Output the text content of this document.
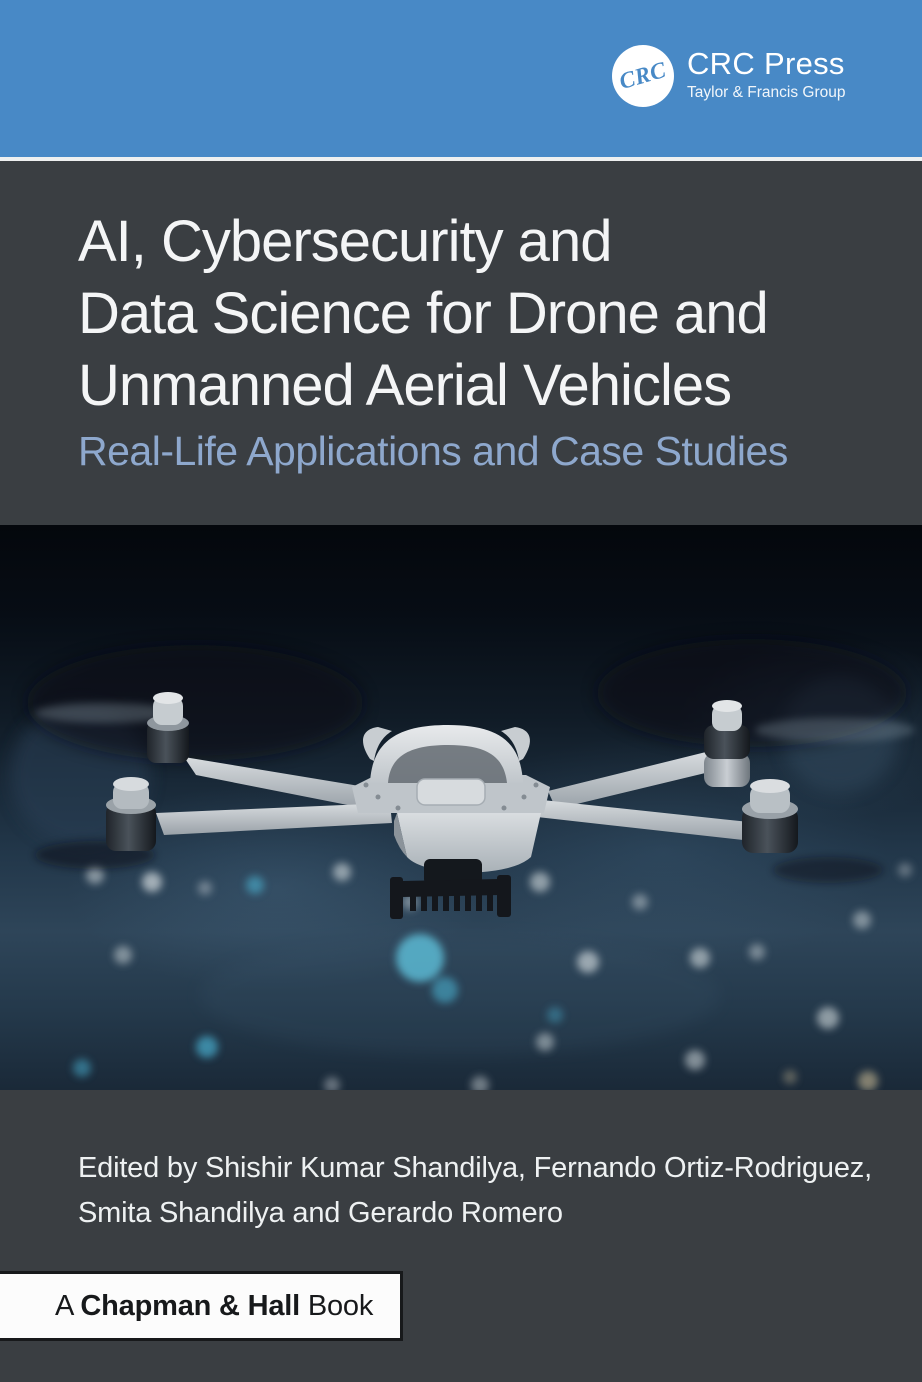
CRC CRC Press
Taylor & Francis Group
AI, Cybersecurity and
Data Science for Drone and
Unmanned Aerial Vehicles
Real-Life Applications and Case Studies

Edited by Shishir Kumar Shandilya, Fernando Ortiz-Rodriguez,
Smita Shandilya and Gerardo Romero

A Chapman & Hall Book
